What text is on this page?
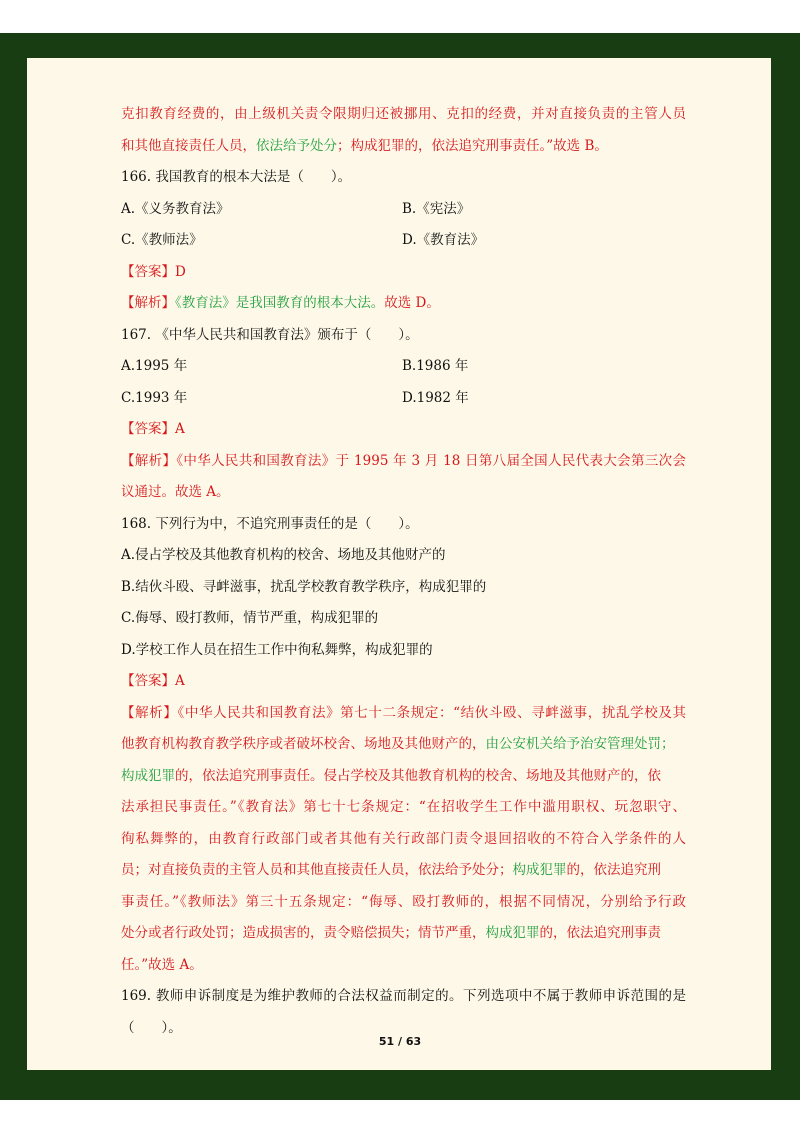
克扣教育经费的，由上级机关责令限期归还被挪用、克扣的经费，并对直接负责的主管人员
和其他直接责任人员，依法给予处分；构成犯罪的，依法追究刑事责任。”故选 B。
166. 我国教育的根本大法是（　　）。
A.《义务教育法》	B.《宪法》
C.《教师法》	D.《教育法》
【答案】D
【解析】《教育法》是我国教育的根本大法。故选 D。
167. 《中华人民共和国教育法》颁布于（　　）。
A.1995 年	B.1986 年
C.1993 年	D.1982 年
【答案】A
【解析】《中华人民共和国教育法》于 1995 年 3 月 18 日第八届全国人民代表大会第三次会
议通过。故选 A。
168. 下列行为中，不追究刑事责任的是（　　）。
A.侵占学校及其他教育机构的校舍、场地及其他财产的
B.结伙斗殴、寻衅滋事，扰乱学校教育教学秩序，构成犯罪的
C.侮辱、殴打教师，情节严重，构成犯罪的
D.学校工作人员在招生工作中徇私舞弊，构成犯罪的
【答案】A
【解析】《中华人民共和国教育法》第七十二条规定：“结伙斗殴、寻衅滋事，扰乱学校及其
他教育机构教育教学秩序或者破坏校舍、场地及其他财产的，由公安机关给予治安管理处罚；
构成犯罪的，依法追究刑事责任。侵占学校及其他教育机构的校舍、场地及其他财产的，依
法承担民事责任。”《教育法》第七十七条规定：“在招收学生工作中滥用职权、玩忽职守、
徇私舞弊的，由教育行政部门或者其他有关行政部门责令退回招收的不符合入学条件的人
员；对直接负责的主管人员和其他直接责任人员，依法给予处分；构成犯罪的，依法追究刑
事责任。”《教师法》第三十五条规定：“侮辱、殴打教师的，根据不同情况，分别给予行政
处分或者行政处罚；造成损害的，责令赔偿损失；情节严重，构成犯罪的，依法追究刑事责
任。”故选 A。
169. 教师申诉制度是为维护教师的合法权益而制定的。下列选项中不属于教师申诉范围的是
（　　）。
51 / 63
